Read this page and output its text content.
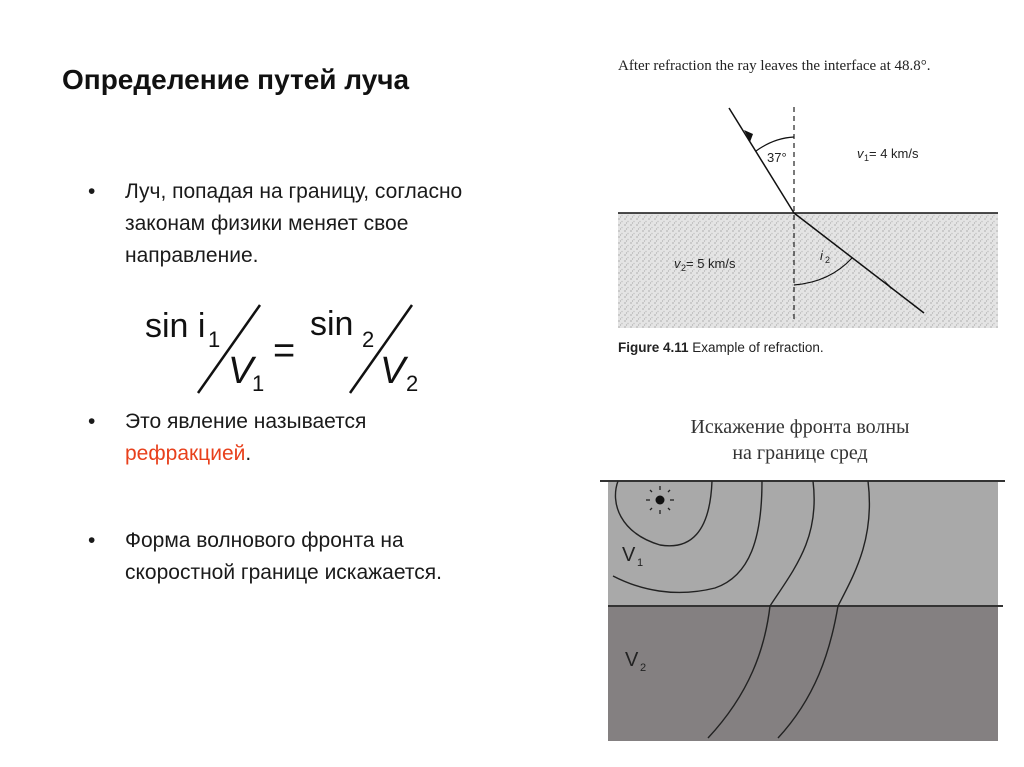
Определение путей луча
• Луч, попадая на границу, согласно законам физики меняет свое направление.
sin i 1
V
1
=
sin 2
V 2
• Это явление называется
рефракцией.
• Форма волнового фронта на скоростной границе искажается.
After refraction the ray leaves the interface at 48.8°.
37°	v 1 = 4 km/s
v 2 = 5 km/s
i 2
Figure 4.11 Example of refraction.
Искажение фронта волны
на границе сред
V 1
V 2
